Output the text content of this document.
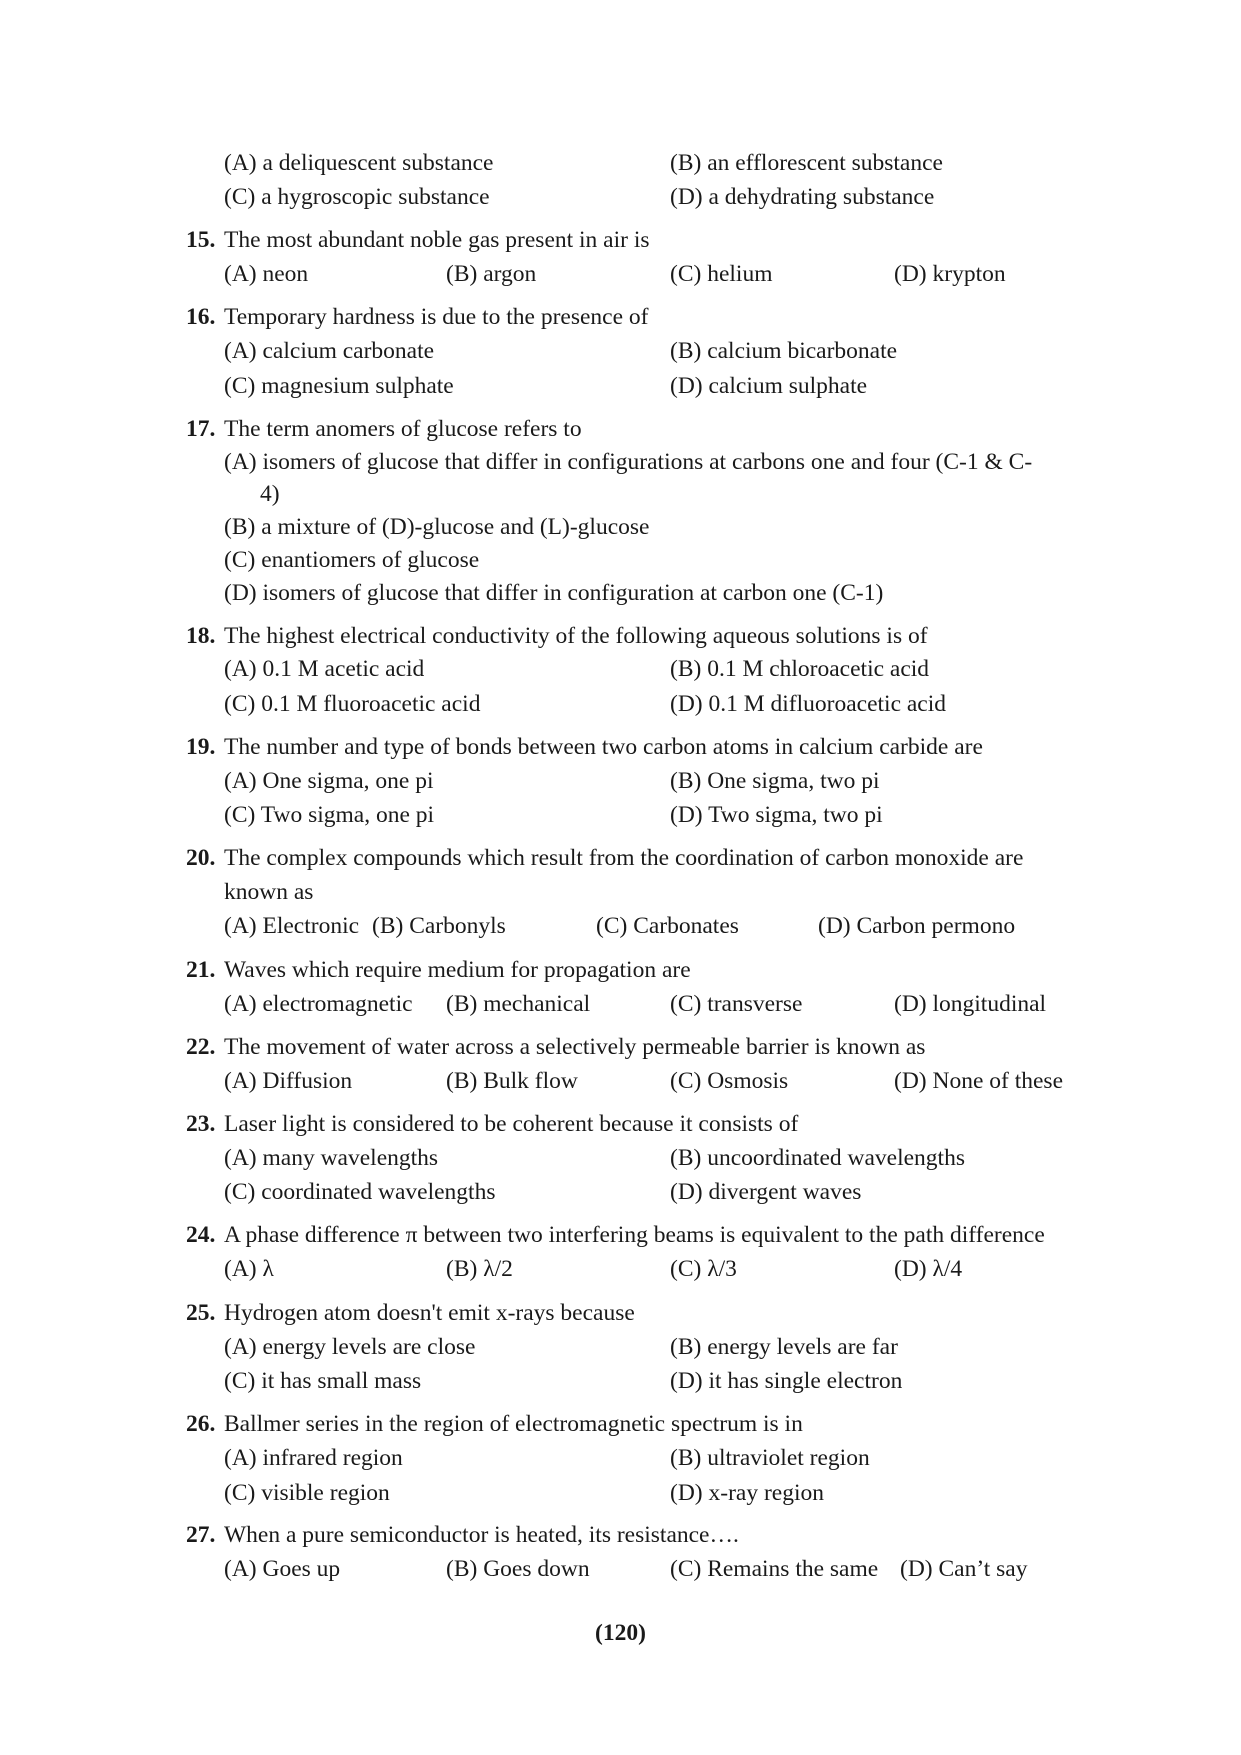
(A) a deliquescent substance	(B) an efflorescent substance
(C) a hygroscopic substance	(D) a dehydrating substance
15. The most abundant noble gas present in air is
(A) neon	(B) argon	(C) helium	(D) krypton
16. Temporary hardness is due to the presence of
(A) calcium carbonate	(B) calcium bicarbonate
(C) magnesium sulphate	(D) calcium sulphate
17. The term anomers of glucose refers to
(A) isomers of glucose that differ in configurations at carbons one and four (C-1 & C-
4)
(B) a mixture of (D)-glucose and (L)-glucose
(C) enantiomers of glucose
(D) isomers of glucose that differ in configuration at carbon one (C-1)
18. The highest electrical conductivity of the following aqueous solutions is of
(A) 0.1 M acetic acid	(B) 0.1 M chloroacetic acid
(C) 0.1 M fluoroacetic acid	(D) 0.1 M difluoroacetic acid
19. The number and type of bonds between two carbon atoms in calcium carbide are
(A) One sigma, one pi	(B) One sigma, two pi
(C) Two sigma, one pi	(D) Two sigma, two pi
20. The complex compounds which result from the coordination of carbon monoxide are
known as
(A) Electronic (B) Carbonyls	(C) Carbonates	(D) Carbon permono
21. Waves which require medium for propagation are
(A) electromagnetic (B) mechanical	(C) transverse	(D) longitudinal
22. The movement of water across a selectively permeable barrier is known as
(A) Diffusion	(B) Bulk flow	(C) Osmosis	(D) None of these
23. Laser light is considered to be coherent because it consists of
(A) many wavelengths	(B) uncoordinated wavelengths
(C) coordinated wavelengths	(D) divergent waves
24. A phase difference π between two interfering beams is equivalent to the path difference
(A) λ	(B) λ/2	(C) λ/3	(D) λ/4
25. Hydrogen atom doesn't emit x-rays because
(A) energy levels are close	(B) energy levels are far
(C) it has small mass	(D) it has single electron
26. Ballmer series in the region of electromagnetic spectrum is in
(A) infrared region	(B) ultraviolet region
(C) visible region	(D) x-ray region
27. When a pure semiconductor is heated, its resistance….
(A) Goes up	(B) Goes down	(C) Remains the same (D) Can’t say
(120)
